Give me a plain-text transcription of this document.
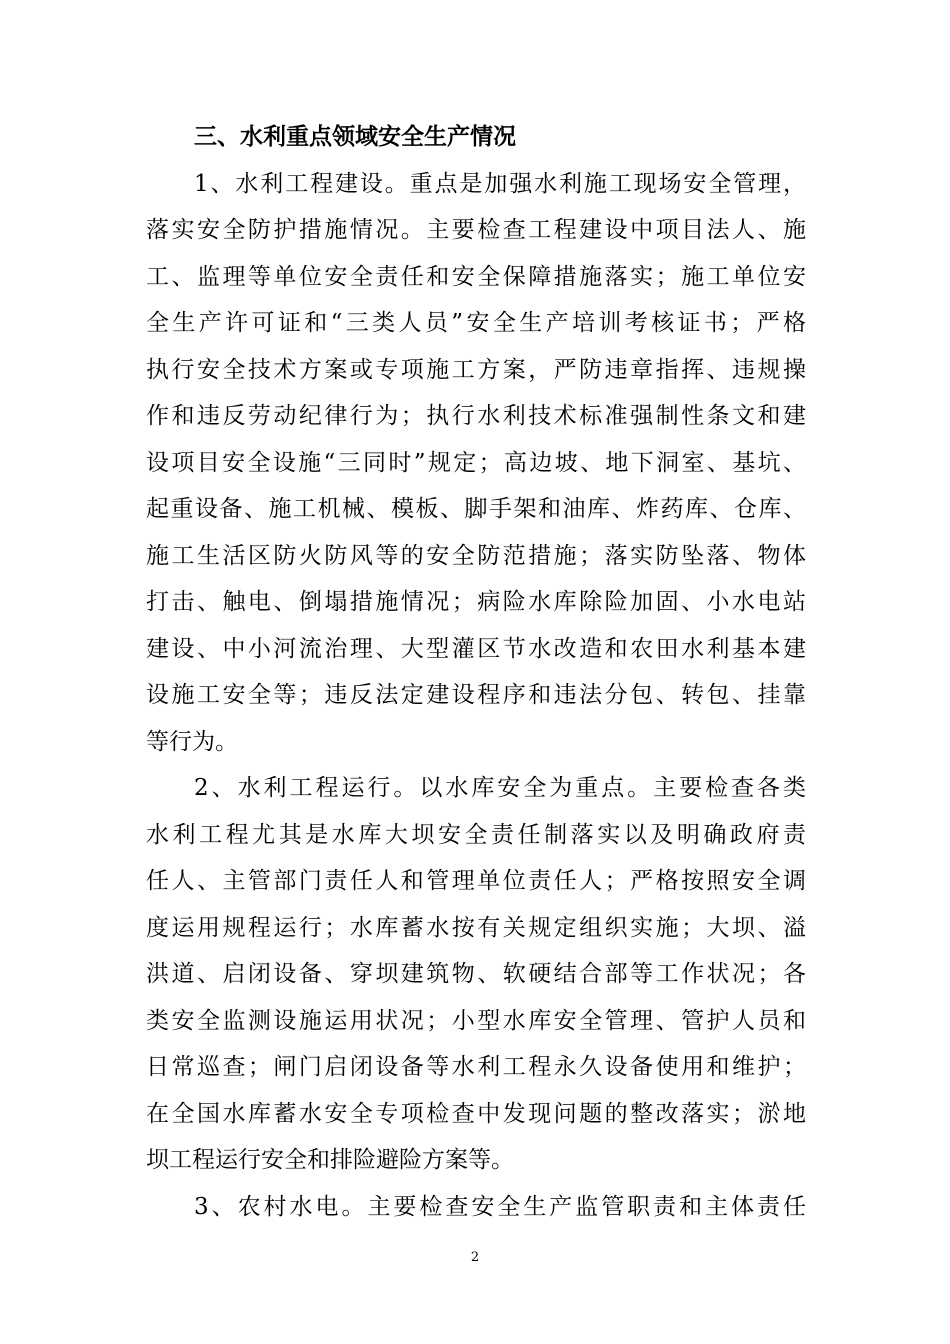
三、水利重点领域安全生产情况
1、水利工程建设。重点是加强水利施工现场安全管理，
落实安全防护措施情况。主要检查工程建设中项目法人、施
工、监理等单位安全责任和安全保障措施落实；施工单位安
全生产许可证和“三类人员”安全生产培训考核证书；严格
执行安全技术方案或专项施工方案，严防违章指挥、违规操
作和违反劳动纪律行为；执行水利技术标准强制性条文和建
设项目安全设施“三同时”规定；高边坡、地下洞室、基坑、
起重设备、施工机械、模板、脚手架和油库、炸药库、仓库、
施工生活区防火防风等的安全防范措施；落实防坠落、物体
打击、触电、倒塌措施情况；病险水库除险加固、小水电站
建设、中小河流治理、大型灌区节水改造和农田水利基本建
设施工安全等；违反法定建设程序和违法分包、转包、挂靠
等行为。
2、水利工程运行。以水库安全为重点。主要检查各类
水利工程尤其是水库大坝安全责任制落实以及明确政府责
任人、主管部门责任人和管理单位责任人；严格按照安全调
度运用规程运行；水库蓄水按有关规定组织实施；大坝、溢
洪道、启闭设备、穿坝建筑物、软硬结合部等工作状况；各
类安全监测设施运用状况；小型水库安全管理、管护人员和
日常巡查；闸门启闭设备等水利工程永久设备使用和维护；
在全国水库蓄水安全专项检查中发现问题的整改落实；淤地
坝工程运行安全和排险避险方案等。
3、农村水电。主要检查安全生产监管职责和主体责任
2
